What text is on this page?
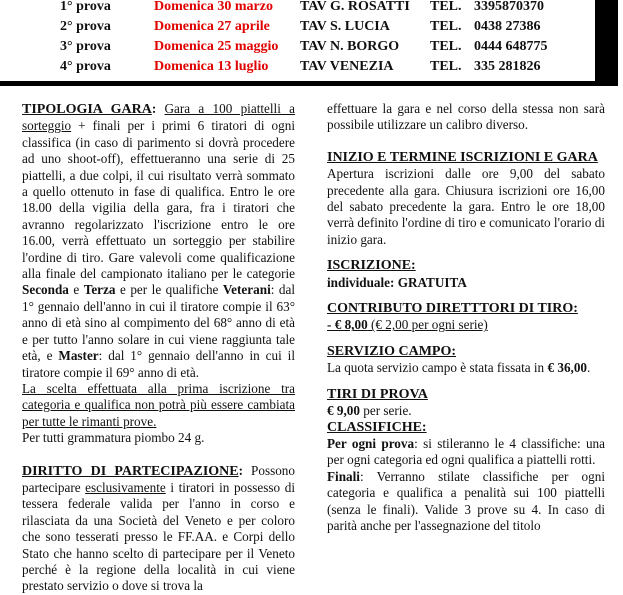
1° prova	Domenica 30 marzo TAV G. ROSATTI TEL. 3395870370
2° prova	Domenica 27 aprile TAV S. LUCIA	TEL. 0438 27386
3° prova	Domenica 25 maggio TAV N. BORGO TEL. 0444 648775
4° prova	Domenica 13 luglio TAV VENEZIA	TEL. 335 281826

TIPOLOGIA GARA: Gara a 100 piattelli a sorteggio + finali per i primi 6 tiratori di ogni classifica (in caso di parimento si dovrà procedere ad uno shoot-off), effettueranno una serie di 25 piattelli, a due colpi, il cui risultato verrà sommato a quello ottenuto in fase di qualifica. Entro le ore 18.00 della vigilia della gara, fra i tiratori che avranno regolarizzato l'iscrizione entro le ore 16.00, verrà effettuato un sorteggio per stabilire l'ordine di tiro. Gare valevoli come qualificazione alla finale del campionato italiano per le categorie Seconda e Terza e per le qualifiche Veterani: dal 1° gennaio dell'anno in cui il tiratore compie il 63° anno di età sino al compimento del 68° anno di età e per tutto l'anno solare in cui viene raggiunta tale età, e Master: dal 1° gennaio dell'anno in cui il tiratore compie il 69° anno di età.

La scelta effettuata alla prima iscrizione tra categoria e qualifica non potrà più essere cambiata per tutte le rimanti prove.

Per tutti grammatura piombo 24 g.

DIRITTO DI PARTECIPAZIONE: Possono partecipare esclusivamente i tiratori in possesso di tessera federale valida per l'anno in corso e rilasciata da una Società del Veneto e per coloro che sono tesserati presso le FF.AA. e Corpi dello Stato che hanno scelto di partecipare per il Veneto perché è la regione della località in cui viene prestato servizio o dove si trova la

effettuare la gara e nel corso della stessa non sarà possibile utilizzare un calibro diverso.

INIZIO E TERMINE ISCRIZIONI E GARA

Apertura iscrizioni dalle ore 9,00 del sabato precedente alla gara. Chiusura iscrizioni ore 16,00 del sabato precedente la gara. Entro le ore 18,00 verrà definito l'ordine di tiro e comunicato l'orario di inizio gara.

ISCRIZIONE:

individuale: GRATUITA

CONTRIBUTO DIRETTTORI DI TIRO:

- € 8,00 (€ 2,00 per ogni serie)

SERVIZIO CAMPO:

La quota servizio campo è stata fissata in € 36,00.

TIRI DI PROVA

€ 9,00 per serie.

CLASSIFICHE:

Per ogni prova: si stileranno le 4 classifiche: una per ogni categoria ed ogni qualifica a piattelli rotti.

Finali: Verranno stilate classifiche per ogni categoria e qualifica a penalità sui 100 piattelli (senza le finali). Valide 3 prove su 4. In caso di parità anche per l'assegnazione del titolo
